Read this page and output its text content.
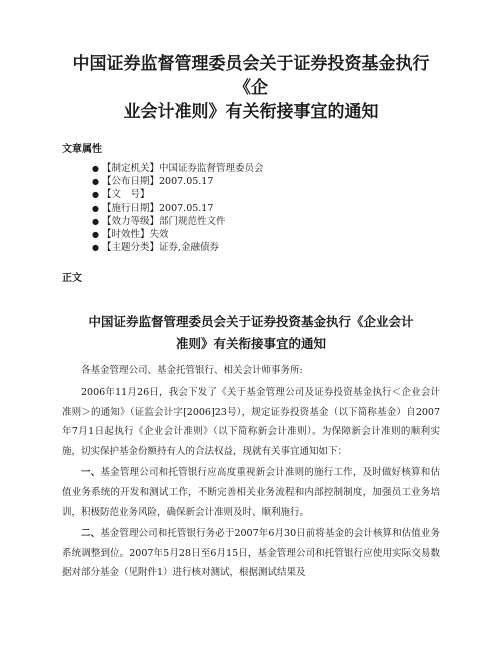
中国证券监督管理委员会关于证券投资基金执行《企
业会计准则》有关衔接事宜的通知
文章属性
● 【制定机关】中国证券监督管理委员会
● 【公布日期】2007.05.17
● 【文　号】
● 【施行日期】2007.05.17
● 【效力等级】部门规范性文件
● 【时效性】失效
● 【主题分类】证券,金融债券
正文
中国证券监督管理委员会关于证券投资基金执行《企业会计
准则》有关衔接事宜的通知

各基金管理公司、基金托管银行、相关会计师事务所:

2006年11月26日，我会下发了《关于基金管理公司及证券投资基金执行＜企业会计准则＞的通知》（证监会计字[2006]23号），规定证券投资基金（以下简称基金）自2007年7月1日起执行《企业会计准则》（以下简称新会计准则）。为保障新会计准则的顺利实施，切实保护基金份额持有人的合法权益，现就有关事宜通知如下：

一、基金管理公司和托管银行应高度重视新会计准则的施行工作，及时做好核算和估值业务系统的开发和测试工作，不断完善相关业务流程和内部控制制度，加强员工业务培训，积极防范业务风险，确保新会计准则及时、顺利施行。

二、基金管理公司和托管银行务必于2007年6月30日前将基金的会计核算和估值业务系统调整到位。2007年5月28日至6月15日，基金管理公司和托管银行应使用实际交易数据对部分基金（见附件1）进行核对测试，根据测试结果及
